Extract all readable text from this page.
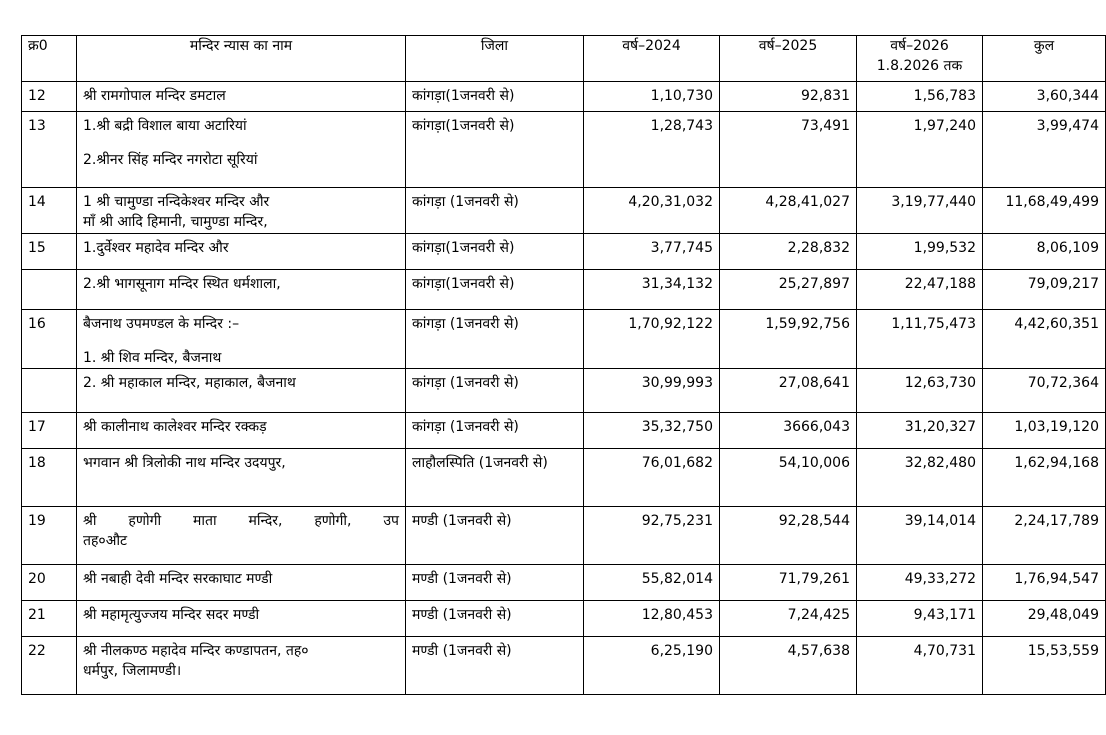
क्र0	मन्दिर न्यास का नाम	जिला	वर्ष–2024	वर्ष–2025	वर्ष–2026
1.8.2026 तक	कुल
12	श्री रामगोपाल मन्दिर डमटाल	कांगड़ा(1जनवरी से)	1,10,730	92,831	1,56,783	3,60,344
13	1.श्री बद्री विशाल बाया अटारियां
2.श्रीनर सिंह मन्दिर नगरोटा सूरियां	कांगड़ा(1जनवरी से)	1,28,743	73,491	1,97,240	3,99,474
14	1 श्री चामुण्डा नन्दिकेश्वर मन्दिर और
माँ श्री आदि हिमानी, चामुण्डा मन्दिर,	कांगड़ा (1जनवरी से)	4,20,31,032	4,28,41,027	3,19,77,440	11,68,49,499
15	1.दुर्वेश्वर महादेव मन्दिर और	कांगड़ा(1जनवरी से)	3,77,745	2,28,832	1,99,532	8,06,109

	2.श्री भागसूनाग मन्दिर स्थित धर्मशाला,	कांगड़ा(1जनवरी से)	31,34,132	25,27,897	22,47,188	79,09,217
16	बैजनाथ उपमण्डल के मन्दिर :–
1. श्री शिव मन्दिर, बैजनाथ	कांगड़ा (1जनवरी से)	1,70,92,122	1,59,92,756	1,11,75,473	4,42,60,351

	2. श्री महाकाल मन्दिर, महाकाल, बैजनाथ	कांगड़ा (1जनवरी से)	30,99,993	27,08,641	12,63,730	70,72,364
17	श्री कालीनाथ कालेश्वर मन्दिर रक्कड़	कांगड़ा (1जनवरी से)	35,32,750	3666,043	31,20,327	1,03,19,120
18	भगवान श्री त्रिलोकी नाथ मन्दिर उदयपुर,	लाहौलस्पिति (1जनवरी से)	76,01,682	54,10,006	32,82,480	1,62,94,168
19	श्री हणोगी माता मन्दिर, हणोगी, उप
तह०औट	मण्डी (1जनवरी से)	92,75,231	92,28,544	39,14,014	2,24,17,789
20	श्री नबाही देवी मन्दिर सरकाघाट मण्डी	मण्डी (1जनवरी से)	55,82,014	71,79,261	49,33,272	1,76,94,547
21	श्री महामृत्युज्जय मन्दिर सदर मण्डी	मण्डी (1जनवरी से)	12,80,453	7,24,425	9,43,171	29,48,049
22	श्री नीलकण्ठ महादेव मन्दिर कण्डापतन, तह०
धर्मपुर, जिलामण्डी।	मण्डी (1जनवरी से)	6,25,190	4,57,638	4,70,731	15,53,559
